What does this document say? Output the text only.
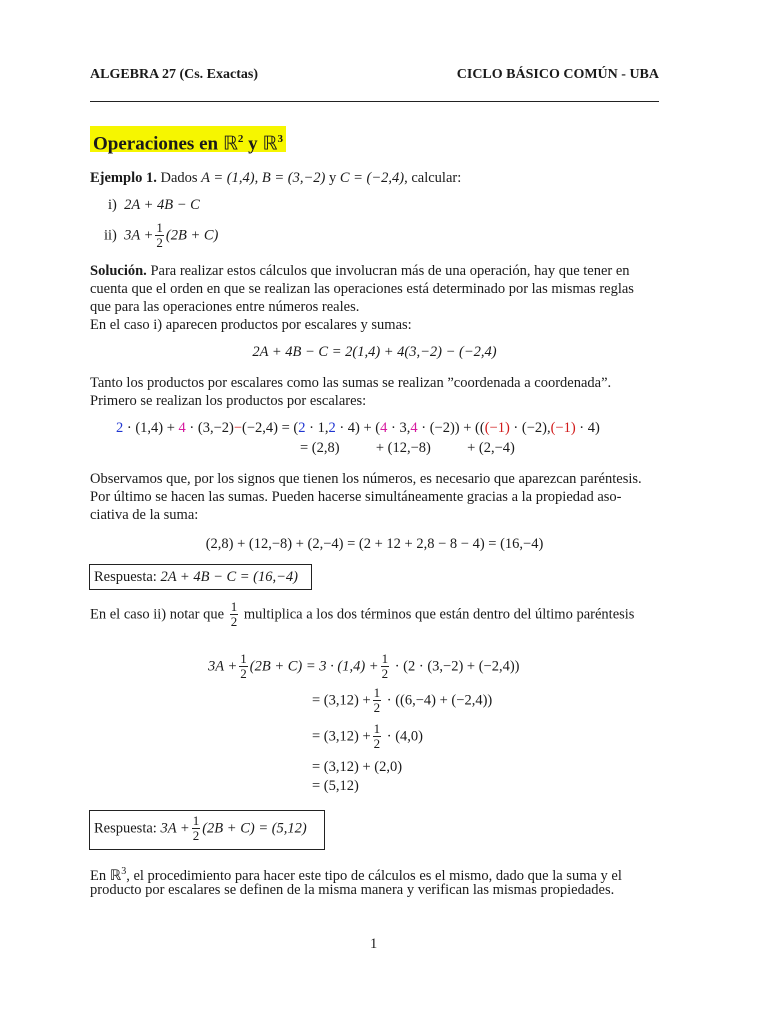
ALGEBRA 27 (Cs. Exactas)	CICLO BÁSICO COMÚN - UBA
Operaciones en ℝ$^2$ y ℝ$^3$
Ejemplo 1. Dados A = (1,4), B = (3,−2) y C = (−2,4), calcular:
i) 2A + 4B − C
ii) $3A + \frac{1}{2} (2B + C)$
Solución. Para realizar estos cálculos que involucran más de una operación, hay que tener en
cuenta que el orden en que se realizan las operaciones está determinado por las mismas reglas
que para las operaciones entre números reales.
En el caso i) aparecen productos por escalares y sumas:
2A + 4B − C = 2(1,4) + 4(3,−2) − (−2,4)
Tanto los productos por escalares como las sumas se realizan ”coordenada a coordenada”.
Primero se realizan los productos por escalares:
2 · (1,4) + 4 · (3,−2)−(−2,4) = (2 · 1,2 · 4) + (4 · 3,4 · (−2)) + (((−1) · (−2),(−1) · 4)
= (2,8)          + (12,−8)          + (2,−4)
Observamos que, por los signos que tienen los números, es necesario que aparezcan paréntesis.
Por último se hacen las sumas. Pueden hacerse simultáneamente gracias a la propiedad aso-
ciativa de la suma:
(2,8) + (12,−8) + (2,−4) = (2 + 12 + 2,8 − 8 − 4) = (16,−4)
Respuesta: 2A + 4B − C = (16,−4)
En el caso ii) notar que $\frac{1}{2}$ multiplica a los dos términos que están dentro del último paréntesis
$3A + \frac{1}{2} (2B + C) = 3 \cdot (1,4) + \frac{1}{2} \cdot (2 \cdot (3,-2) + (-2,4))$
= $(3,12) + \frac{1}{2} \cdot ((6,-4) + (-2,4))$
= $(3,12) + \frac{1}{2} \cdot (4,0)$
= (3,12) + (2,0)
= (5,12)
Respuesta: $3A + \frac{1}{2} (2B + C) = (5,12)$
En ℝ$^3$, el procedimiento para hacer este tipo de cálculos es el mismo, dado que la suma y el
producto por escalares se definen de la misma manera y verifican las mismas propiedades.
1
